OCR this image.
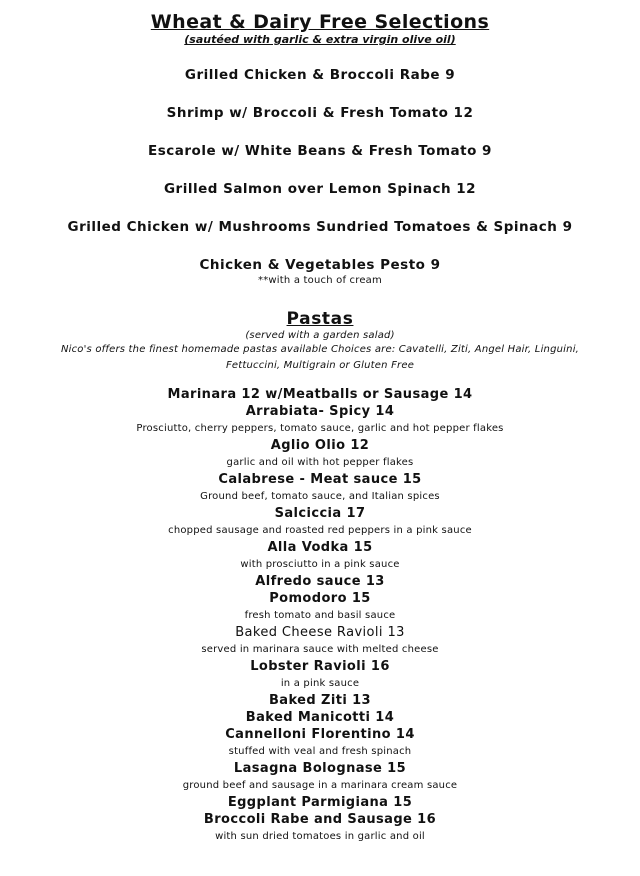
Wheat & Dairy Free Selections
(sautéed with garlic & extra virgin olive oil)
Grilled Chicken & Broccoli Rabe 9
Shrimp w/ Broccoli & Fresh Tomato 12
Escarole w/ White Beans & Fresh Tomato 9
Grilled Salmon over Lemon Spinach 12
Grilled Chicken w/ Mushrooms Sundried Tomatoes & Spinach 9
Chicken & Vegetables Pesto 9
**with a touch of cream
Pastas
(served with a garden salad)
Nico's offers the finest homemade pastas available Choices are: Cavatelli, Ziti, Angel Hair, Linguini,
Fettuccini, Multigrain or Gluten Free
Marinara 12 w/Meatballs or Sausage 14
Arrabiata- Spicy 14
Prosciutto, cherry peppers, tomato sauce, garlic and hot pepper flakes
Aglio Olio 12
garlic and oil with hot pepper flakes
Calabrese - Meat sauce 15
Ground beef, tomato sauce, and Italian spices
Salciccia 17
chopped sausage and roasted red peppers in a pink sauce
Alla Vodka 15
with prosciutto in a pink sauce
Alfredo sauce 13
Pomodoro 15
fresh tomato and basil sauce
Baked Cheese Ravioli 13
served in marinara sauce with melted cheese
Lobster Ravioli 16
in a pink sauce
Baked Ziti 13
Baked Manicotti 14
Cannelloni Florentino 14
stuffed with veal and fresh spinach
Lasagna Bolognase 15
ground beef and sausage in a marinara cream sauce
Eggplant Parmigiana 15
Broccoli Rabe and Sausage 16
with sun dried tomatoes in garlic and oil
